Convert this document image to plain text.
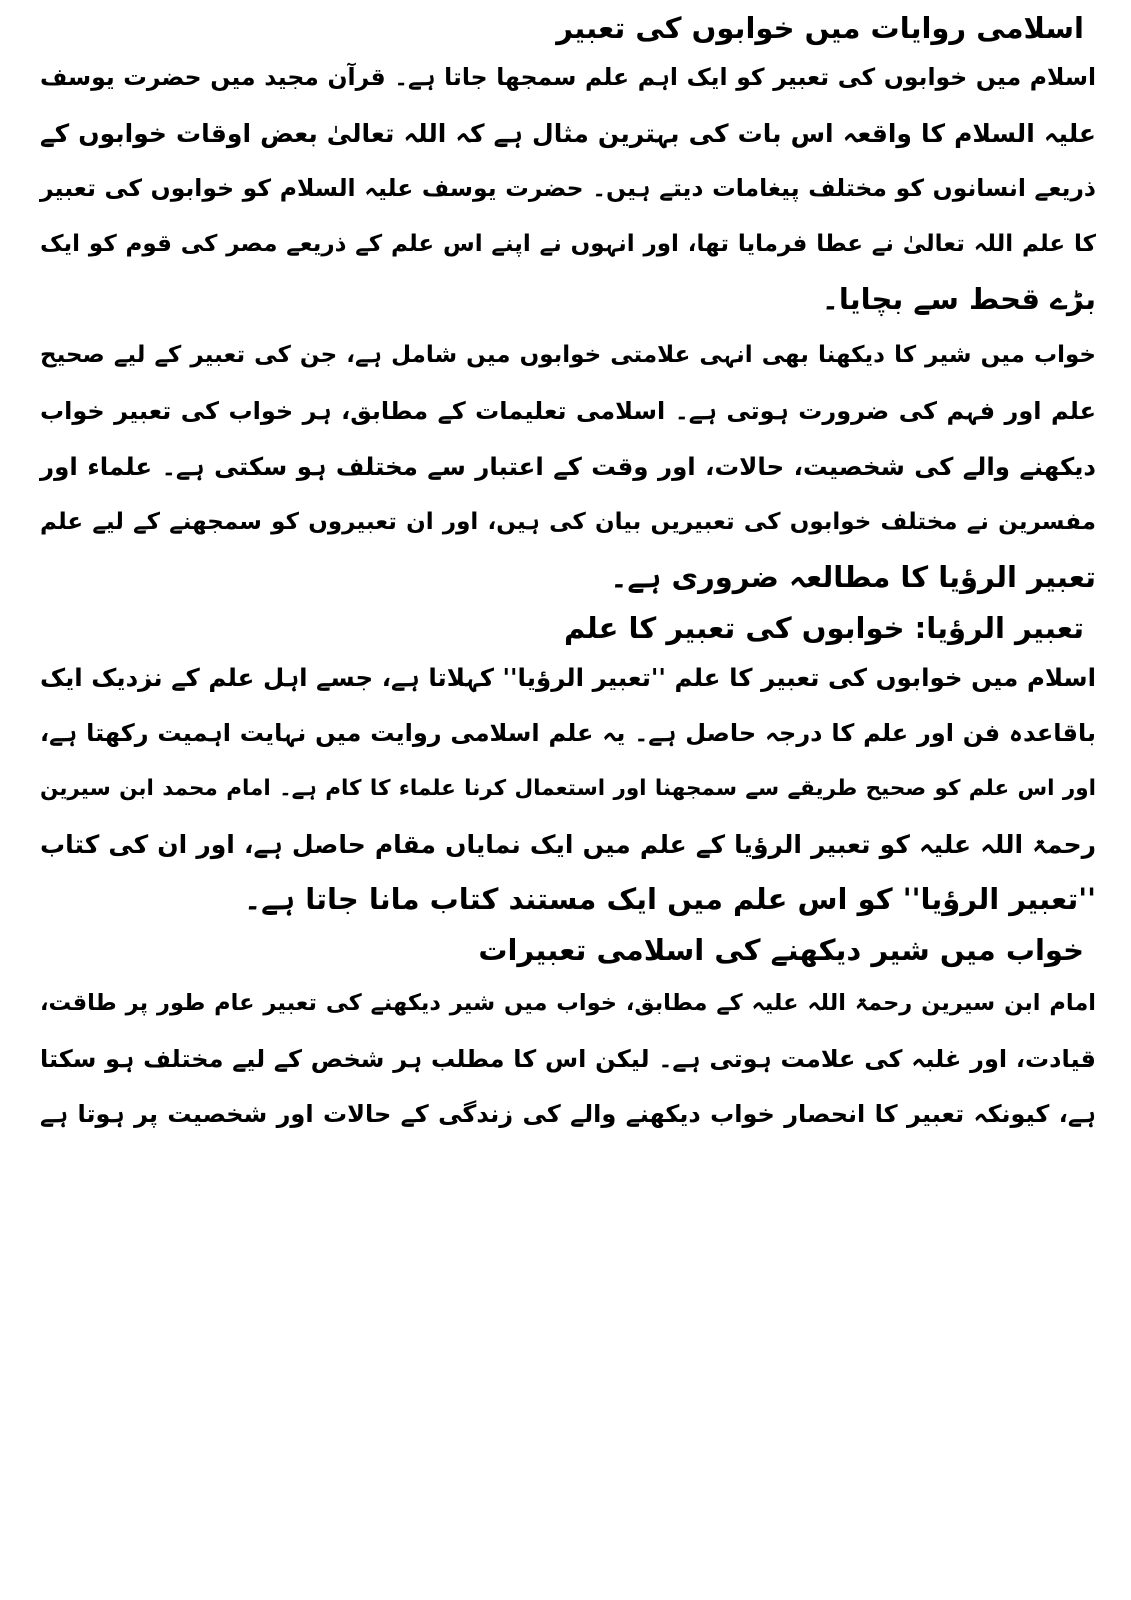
اسلامی روایات میں خوابوں کی تعبیر
اسلام میں خوابوں کی تعبیر کو ایک اہم علم سمجھا جاتا ہے۔ قرآن مجید میں حضرت یوسف
علیہ السلام کا واقعہ اس بات کی بہترین مثال ہے کہ اللہ تعالیٰ بعض اوقات خوابوں کے
ذریعے انسانوں کو مختلف پیغامات دیتے ہیں۔ حضرت یوسف علیہ السلام کو خوابوں کی تعبیر
کا علم اللہ تعالیٰ نے عطا فرمایا تھا، اور انہوں نے اپنے اس علم کے ذریعے مصر کی قوم کو ایک
بڑے قحط سے بچایا۔
خواب میں شیر کا دیکھنا بھی انہی علامتی خوابوں میں شامل ہے، جن کی تعبیر کے لیے صحیح
علم اور فہم کی ضرورت ہوتی ہے۔ اسلامی تعلیمات کے مطابق، ہر خواب کی تعبیر خواب
دیکھنے والے کی شخصیت، حالات، اور وقت کے اعتبار سے مختلف ہو سکتی ہے۔ علماء اور
مفسرین نے مختلف خوابوں کی تعبیریں بیان کی ہیں، اور ان تعبیروں کو سمجھنے کے لیے علم
تعبیر الرؤیا کا مطالعہ ضروری ہے۔
تعبیر الرؤیا: خوابوں کی تعبیر کا علم
اسلام میں خوابوں کی تعبیر کا علم ''تعبیر الرؤیا'' کہلاتا ہے، جسے اہل علم کے نزدیک ایک
باقاعدہ فن اور علم کا درجہ حاصل ہے۔ یہ علم اسلامی روایت میں نہایت اہمیت رکھتا ہے،
اور اس علم کو صحیح طریقے سے سمجھنا اور استعمال کرنا علماء کا کام ہے۔ امام محمد ابن سیرین
رحمۃ اللہ علیہ کو تعبیر الرؤیا کے علم میں ایک نمایاں مقام حاصل ہے، اور ان کی کتاب
''تعبیر الرؤیا'' کو اس علم میں ایک مستند کتاب مانا جاتا ہے۔
خواب میں شیر دیکھنے کی اسلامی تعبیرات
امام ابن سیرین رحمۃ اللہ علیہ کے مطابق، خواب میں شیر دیکھنے کی تعبیر عام طور پر طاقت،
قیادت، اور غلبہ کی علامت ہوتی ہے۔ لیکن اس کا مطلب ہر شخص کے لیے مختلف ہو سکتا
ہے، کیونکہ تعبیر کا انحصار خواب دیکھنے والے کی زندگی کے حالات اور شخصیت پر ہوتا ہے
